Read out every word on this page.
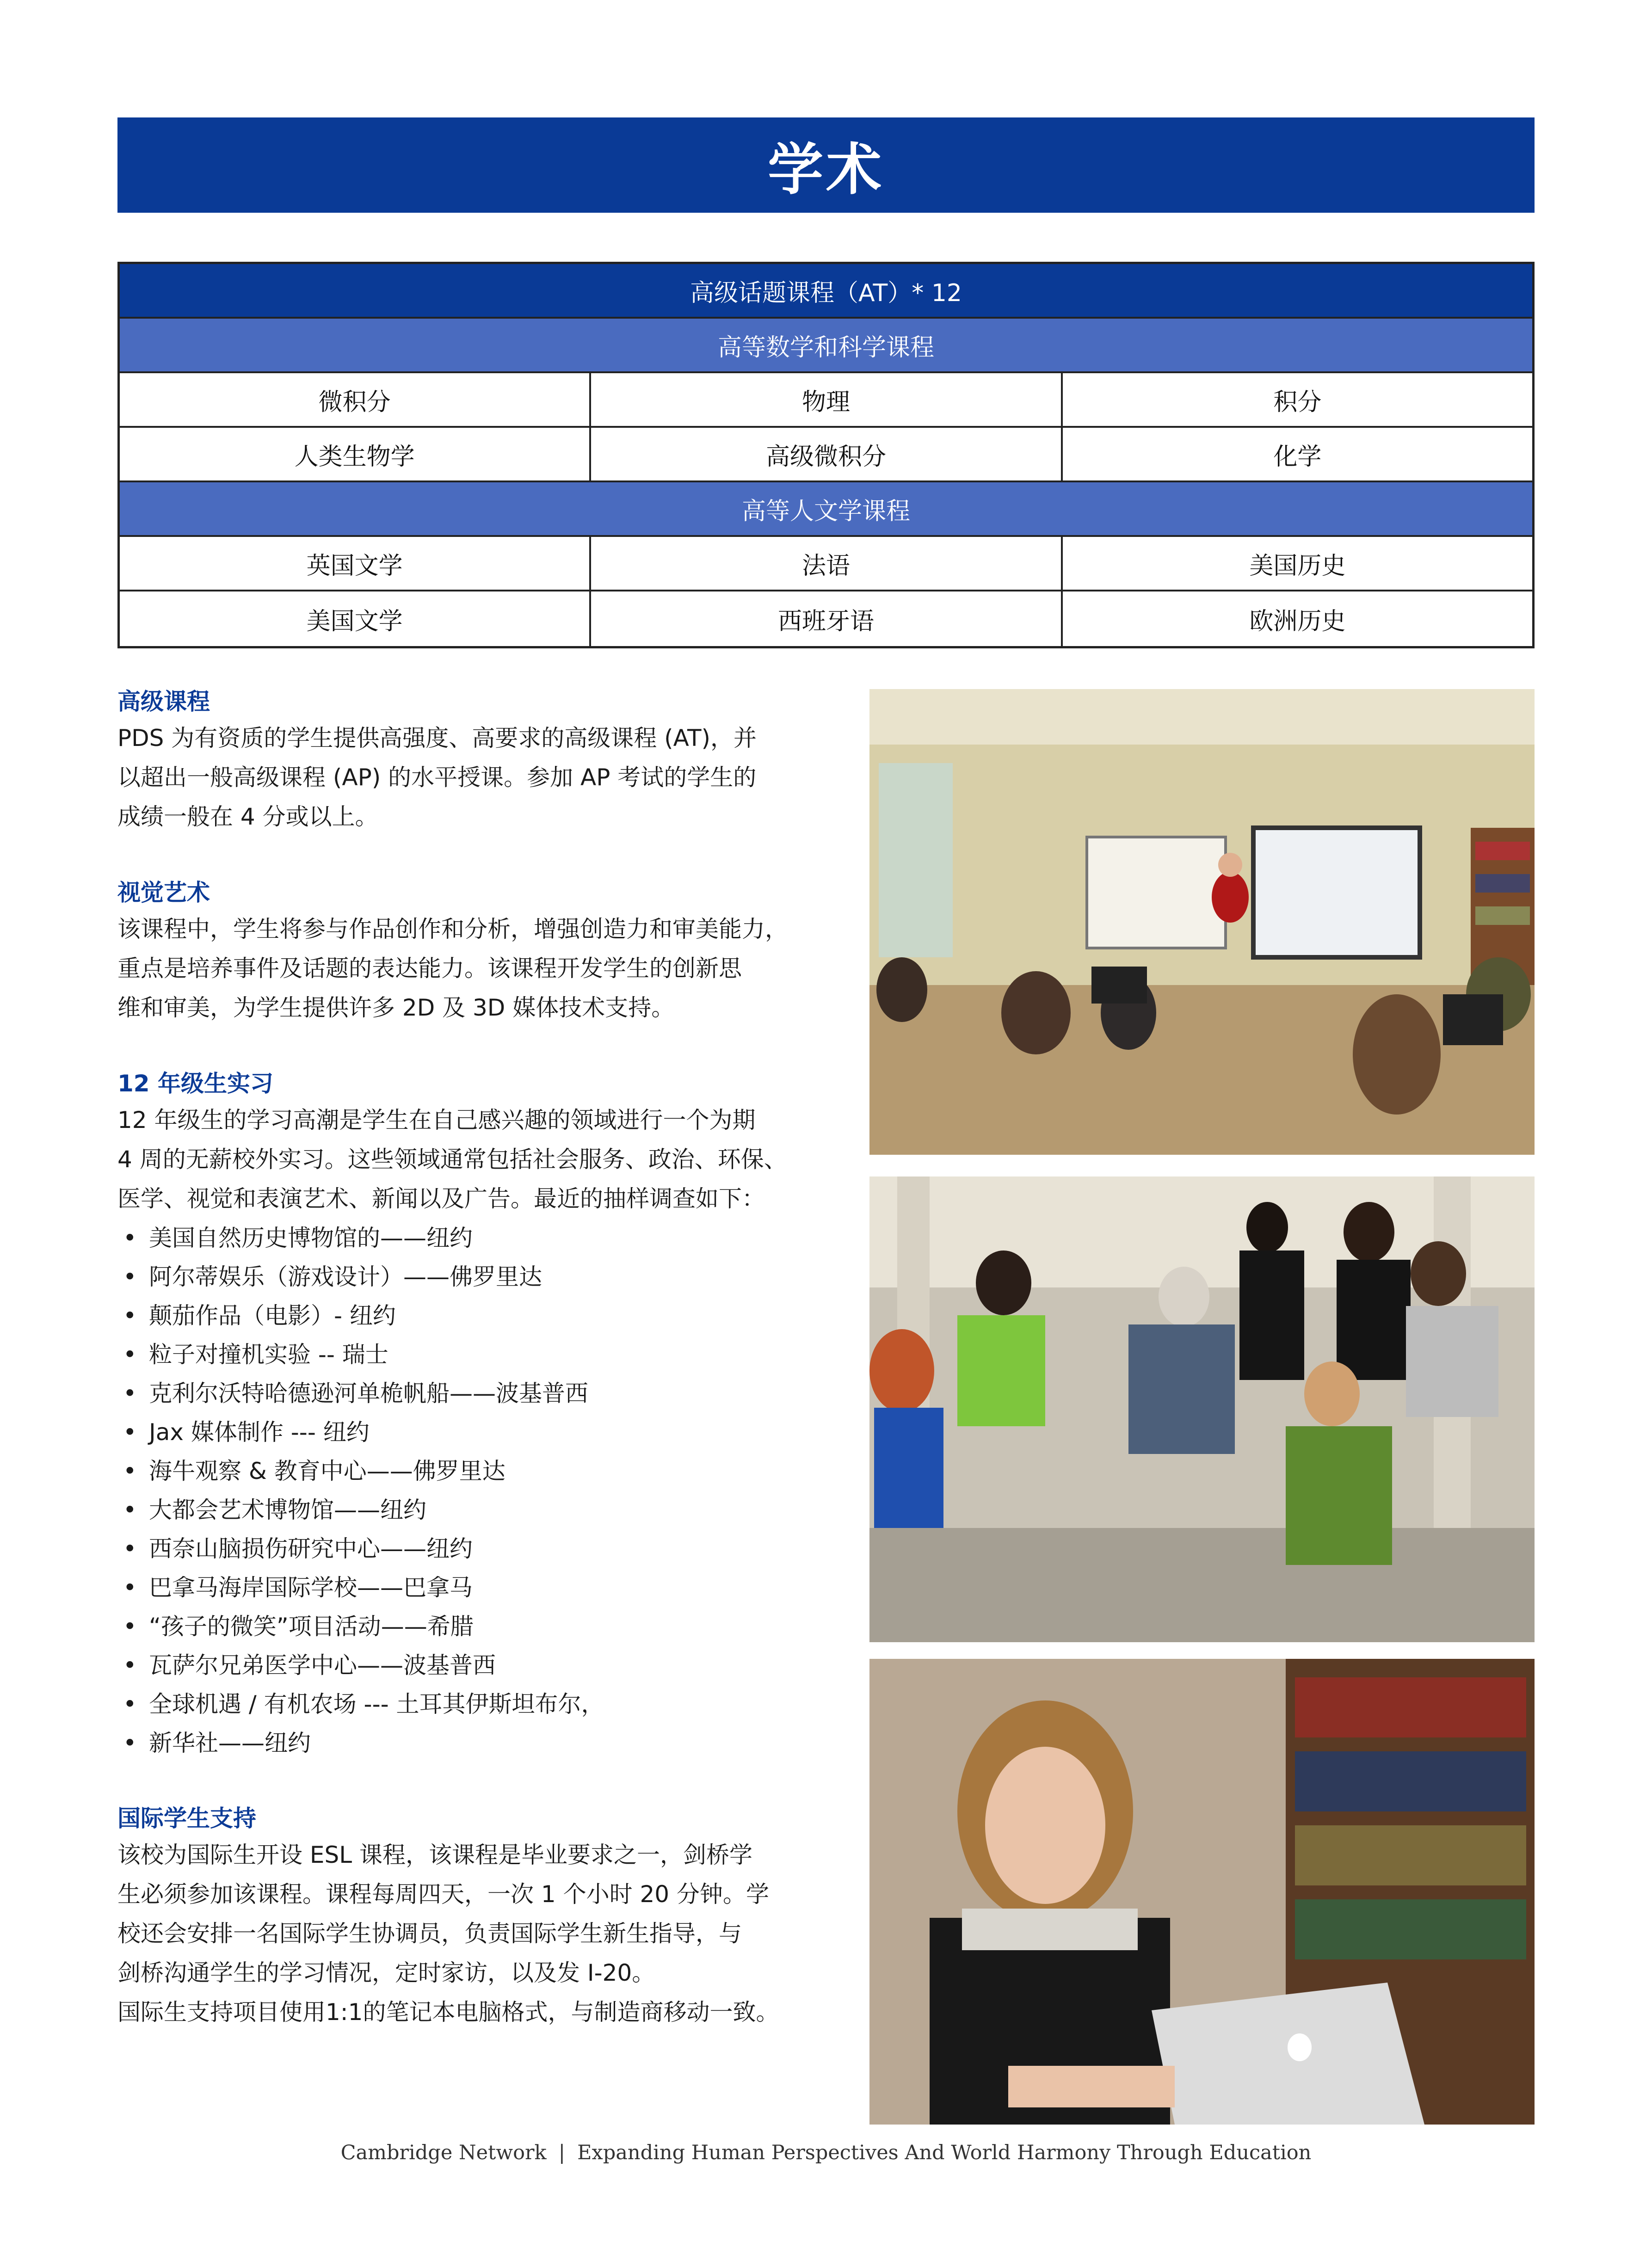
学术
高级话题课程（AT）* 12
高等数学和科学课程
微积分	物理	积分
人类生物学	高级微积分	化学
高等人文学课程
英国文学	法语	美国历史
美国文学	西班牙语	欧洲历史
高级课程
PDS 为有资质的学生提供高强度、高要求的高级课程 (AT)，并
以超出一般高级课程 (AP) 的水平授课。参加 AP 考试的学生的
成绩一般在 4 分或以上。
视觉艺术
该课程中，学生将参与作品创作和分析，增强创造力和审美能力，
重点是培养事件及话题的表达能力。该课程开发学生的创新思
维和审美，为学生提供许多 2D 及 3D 媒体技术支持。
12 年级生实习
12 年级生的学习高潮是学生在自己感兴趣的领域进行一个为期
4 周的无薪校外实习。这些领域通常包括社会服务、政治、环保、
医学、视觉和表演艺术、新闻以及广告。最近的抽样调查如下：
• 美国自然历史博物馆的——纽约
• 阿尔蒂娱乐（游戏设计）——佛罗里达
• 颠茄作品（电影）- 纽约
• 粒子对撞机实验 -- 瑞士
• 克利尔沃特哈德逊河单桅帆船——波基普西
• Jax 媒体制作 --- 纽约
• 海牛观察 & 教育中心——佛罗里达
• 大都会艺术博物馆——纽约
• 西奈山脑损伤研究中心——纽约
• 巴拿马海岸国际学校——巴拿马
• “孩子的微笑”项目活动——希腊
• 瓦萨尔兄弟医学中心——波基普西
• 全球机遇 / 有机农场 --- 土耳其伊斯坦布尔，
• 新华社——纽约
国际学生支持
该校为国际生开设 ESL 课程，该课程是毕业要求之一，剑桥学
生必须参加该课程。课程每周四天，一次 1 个小时 20 分钟。学
校还会安排一名国际学生协调员，负责国际学生新生指导，与
剑桥沟通学生的学习情况，定时家访，以及发 I-20。
国际生支持项目使用1:1的笔记本电脑格式，与制造商移动一致。
Cambridge Network | Expanding Human Perspectives And World Harmony Through Education
